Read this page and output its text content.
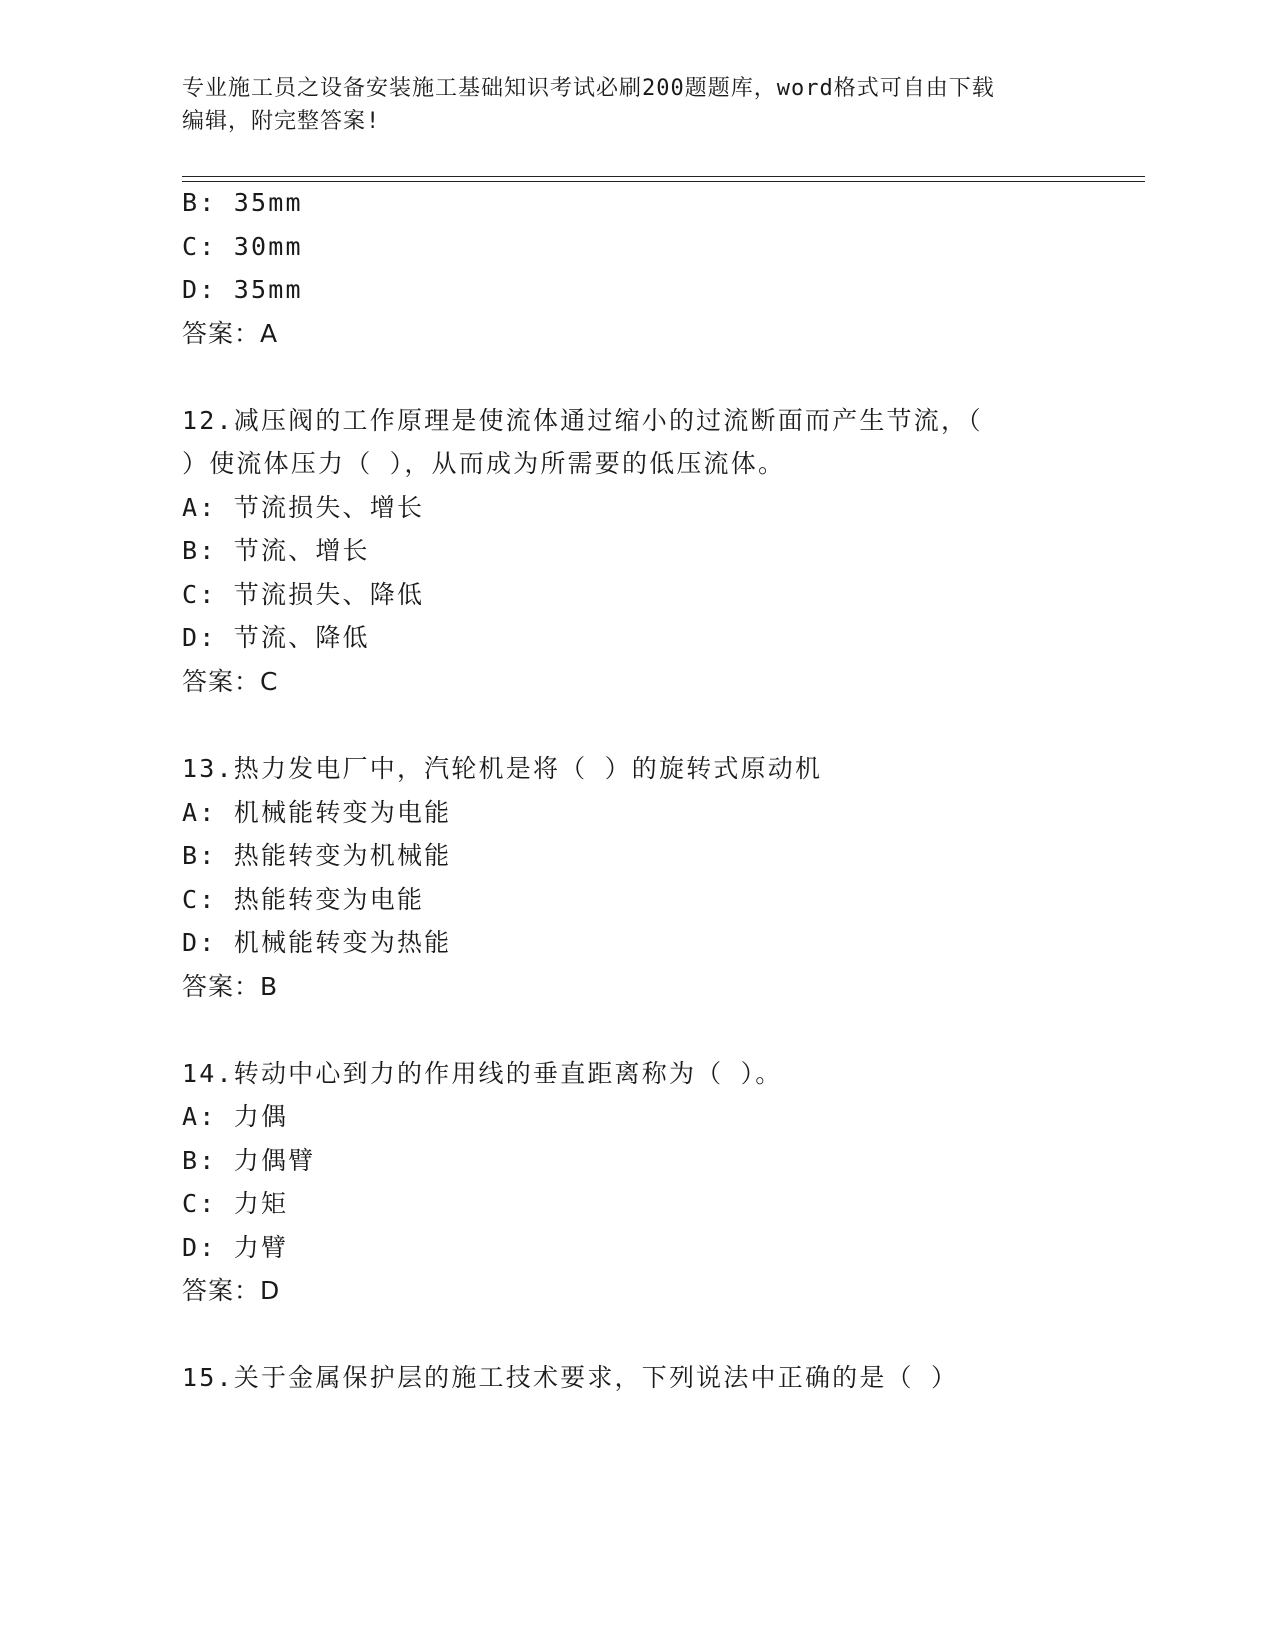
专业施工员之设备安装施工基础知识考试必刷200题题库，word格式可自由下载
编辑，附完整答案!
B: 35mm
C: 30mm
D: 35mm
答案：A
12.减压阀的工作原理是使流体通过缩小的过流断面而产生节流，（
）使流体压力（ ），从而成为所需要的低压流体。
A: 节流损失、增长
B: 节流、增长
C: 节流损失、降低
D: 节流、降低
答案：C
13.热力发电厂中，汽轮机是将（ ）的旋转式原动机
A: 机械能转变为电能
B: 热能转变为机械能
C: 热能转变为电能
D: 机械能转变为热能
答案：B
14.转动中心到力的作用线的垂直距离称为（ ）。
A: 力偶
B: 力偶臂
C: 力矩
D: 力臂
答案：D
15.关于金属保护层的施工技术要求，下列说法中正确的是（ ）
